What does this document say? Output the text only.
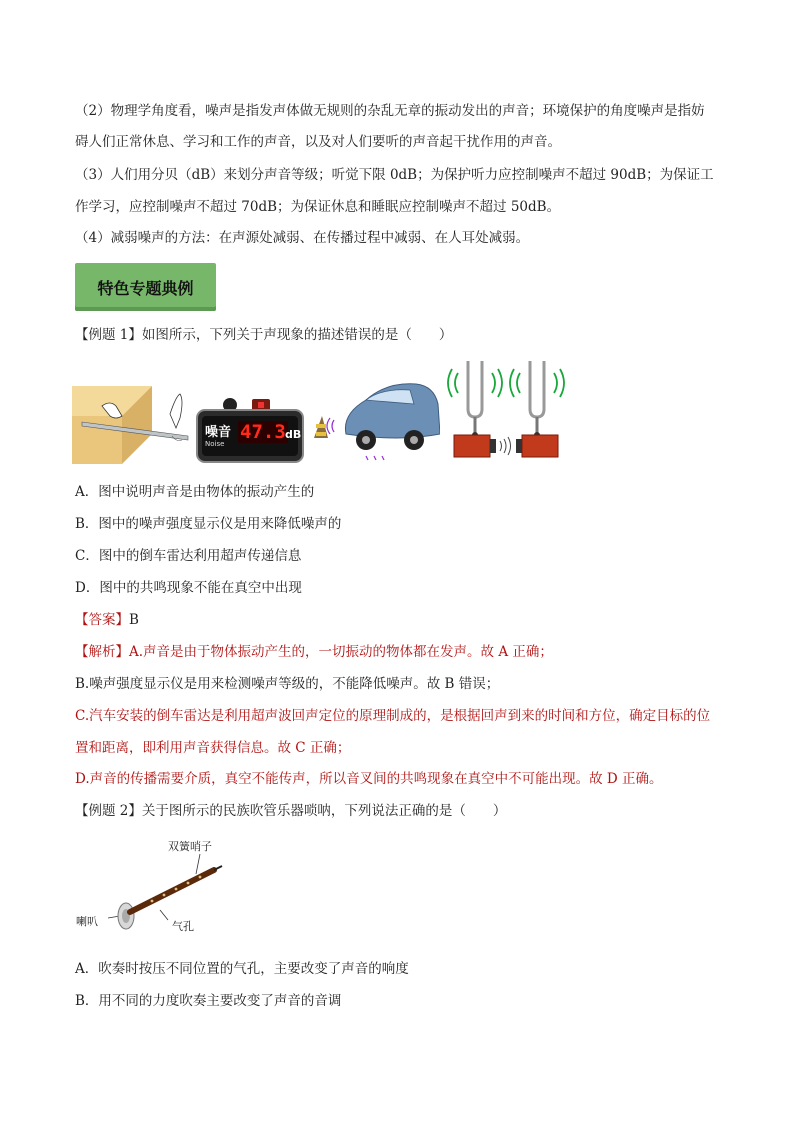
（2）物理学角度看，噪声是指发声体做无规则的杂乱无章的振动发出的声音；环境保护的角度噪声是指妨
碍人们正常休息、学习和工作的声音，以及对人们要听的声音起干扰作用的声音。
（3）人们用分贝（dB）来划分声音等级；听觉下限 0dB；为保护听力应控制噪声不超过 90dB；为保证工
作学习，应控制噪声不超过 70dB；为保证休息和睡眠应控制噪声不超过 50dB。
（4）减弱噪声的方法：在声源处减弱、在传播过程中减弱、在人耳处减弱。
特色专题典例
【例题 1】如图所示，下列关于声现象的描述错误的是（　　）
噪音
Noise
47.3 dB
A．图中说明声音是由物体的振动产生的
B．图中的噪声强度显示仪是用来降低噪声的
C．图中的倒车雷达利用超声传递信息
D．图中的共鸣现象不能在真空中出现
【答案】B
【解析】A.声音是由于物体振动产生的，一切振动的物体都在发声。故 A 正确；
B.噪声强度显示仪是用来检测噪声等级的，不能降低噪声。故 B 错误；
C.汽车安装的倒车雷达是利用超声波回声定位的原理制成的，是根据回声到来的时间和方位，确定目标的位
置和距离，即利用声音获得信息。故 C 正确；
D.声音的传播需要介质，真空不能传声，所以音叉间的共鸣现象在真空中不可能出现。故 D 正确。
【例题 2】关于图所示的民族吹管乐器唢呐，下列说法正确的是（　　）
双簧哨子
喇叭	气孔
A．吹奏时按压不同位置的气孔，主要改变了声音的响度
B．用不同的力度吹奏主要改变了声音的音调
